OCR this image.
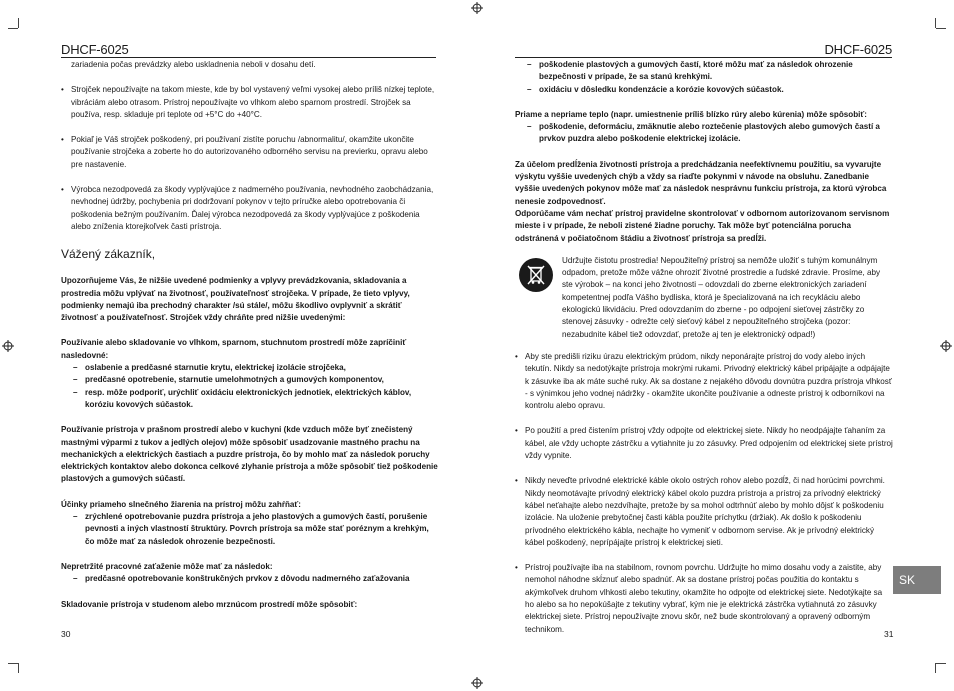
DHCF-6025
30

zariadenia počas prevádzky alebo uskladnenia neboli v dosahu detí.

• Strojček nepoužívajte na takom mieste, kde by bol vystavený veľmi vysokej alebo príliš nízkej teplote, vibráciám alebo otrasom. Prístroj nepoužívajte vo vlhkom alebo sparnom prostredí. Strojček sa používa, resp. skladuje pri teplote od +5°C do +40°C.

• Pokiaľ je Váš strojček poškodený, pri používaní zistíte poruchu /abnormalitu/, okamžite ukončite používanie strojčeka a zoberte ho do autorizovaného odborného servisu na previerku, opravu alebo pre nastavenie.

• Výrobca nezodpovedá za škody vyplývajúce z nadmerného používania, nevhodného zaobchádzania, nevhodnej údržby, pochybenia pri dodržovaní pokynov v tejto príručke alebo opotrebovania či poškodenia bežným používaním. Ďalej výrobca nezodpovedá za škody vyplývajúce z poškodenia alebo zníženia ktorejkoľvek časti prístroja.

Vážený zákazník,

Upozorňujeme Vás, že nižšie uvedené podmienky a vplyvy prevádzkovania, skladovania a prostredia môžu vplývať na životnosť, používateľnosť strojčeka. V prípade, že tieto vplyvy, podmienky nemajú iba prechodný charakter /sú stále/, môžu škodlivo ovplyvniť a skrátiť životnosť a používateľnosť. Strojček vždy chráňte pred nižšie uvedenými:

Používanie alebo skladovanie vo vlhkom, sparnom, stuchnutom prostredí môže zapríčiniť nasledovné:

– oslabenie a predčasné starnutie krytu, elektrickej izolácie strojčeka,

– predčasné opotrebenie, starnutie umelohmotných a gumových komponentov,

– resp. môže podporiť, urýchliť oxidáciu elektronických jednotiek, elektrických káblov, koróziu kovových súčastok.

Používanie prístroja v prašnom prostredí alebo v kuchyni (kde vzduch môže byť znečistený mastnými výparmi z tukov a jedlých olejov) môže spôsobiť usadzovanie mastného prachu na mechanických a elektrických častiach a puzdre prístroja, čo by mohlo mať za následok poruchy elektrických kontaktov alebo dokonca celkové zlyhanie prístroja a môže spôsobiť tiež poškodenie plastových a gumových súčastí.

Účinky priameho slnečného žiarenia na prístroj môžu zahŕňať:

– zrýchlené opotrebovanie puzdra prístroja a jeho plastových a gumových častí, porušenie pevnosti a iných vlastností štruktúry. Povrch prístroja sa môže stať poréznym a krehkým, čo môže mať za následok ohrozenie bezpečnosti.

Nepretržité pracovné zaťaženie môže mať za následok:

– predčasné opotrebovanie konštrukčných prvkov z dôvodu nadmerného zaťažovania

Skladovanie prístroja v studenom alebo mrznúcom prostredí môže spôsobiť:

DHCF-6025
31

– poškodenie plastových a gumových častí, ktoré môžu mať za následok ohrozenie bezpečnosti v prípade, že sa stanú krehkými.

– oxidáciu v dôsledku kondenzácie a korózie kovových súčastok.

Priame a nepriame teplo (napr. umiestnenie príliš blízko rúry alebo kúrenia) môže spôsobiť:

– poškodenie, deformáciu, zmäknutie alebo roztečenie plastových alebo gumových častí a prvkov puzdra alebo poškodenie elektrickej izolácie.

Za účelom predĺženia životnosti prístroja a predchádzania neefektívnemu použitiu, sa vyvarujte výskytu vyššie uvedených chýb a vždy sa riaďte pokynmi v návode na obsluhu. Zanedbanie vyššie uvedených pokynov môže mať za následok nesprávnu funkciu prístroja, za ktorú výrobca nenesie zodpovednosť.

Odporúčame vám nechať prístroj pravidelne skontrolovať v odbornom autorizovanom servisnom mieste i v prípade, že neboli zistené žiadne poruchy. Tak môže byť potenciálna porucha odstránená v počiatočnom štádiu a životnosť prístroja sa predĺži.

Udržujte čistotu prostredia! Nepoužiteľný prístroj sa nemôže uložiť s tuhým komunálnym odpadom, pretože môže vážne ohroziť životné prostredie a ľudské zdravie. Prosíme, aby ste výrobok – na konci jeho životnosti – odovzdali do zberne elektronických zariadení kompetentnej podľa Vášho bydliska, ktorá je špecializovaná na ich recykláciu alebo ekologickú likvidáciu. Pred odovzdaním do zberne - po odpojení sieťovej zástrčky zo stenovej zásuvky - odrežte celý sieťový kábel z nepoužiteľného strojčeka (pozor: nezabudnite kábel tiež odovzdať, pretože aj ten je elektronický odpad!)

• Aby ste predišli riziku úrazu elektrickým prúdom, nikdy neponárajte prístroj do vody alebo iných tekutín. Nikdy sa nedotýkajte prístroja mokrými rukami. Privodný elektrický kábel pripájajte a odpájajte k zásuvke iba ak máte suché ruky. Ak sa dostane z nejakého dôvodu dovnútra puzdra prístroja vlhkosť - s výnimkou jeho vodnej nádržky - okamžite ukončite používanie a odneste prístroj k odborníkovi na kontrolu alebo opravu.

• Po použití a pred čistením prístroj vždy odpojte od elektrickej siete. Nikdy ho neodpájajte ťahaním za kábel, ale vždy uchopte zástrčku a vytiahnite ju zo zásuvky. Pred odpojením od elektrickej siete prístroj vždy vypnite.

• Nikdy neveďte prívodné elektrické káble okolo ostrých rohov alebo pozdĺž, či nad horúcimi povrchmi. Nikdy neomotávajte prívodný elektrický kábel okolo puzdra prístroja a prístroj za prívodný elektrický kábel neťahajte alebo nezdvíhajte, pretože by sa mohol odtrhnúť alebo by mohlo dôjsť k poškodeniu izolácie. Na uloženie prebytočnej časti kábla použite príchytku (držiak). Ak došlo k poškodeniu prívodného elektrického kábla, nechajte ho vymeniť v odbornom servise. Ak je prívodný elektrický kábel poškodený, neprípájajte prístroj k elektrickej sieti.

• Prístroj používajte iba na stabilnom, rovnom povrchu. Udržujte ho mimo dosahu vody a zaistite, aby nemohol náhodne skĺznuť alebo spadnúť. Ak sa dostane prístroj počas použitia do kontaktu s akýmkoľvek druhom vlhkosti alebo tekutiny, okamžite ho odpojte od elektrickej siete. Nedotýkajte sa ho alebo sa ho nepokúšajte z tekutiny vybrať, kým nie je elektrická zástrčka vytiahnutá zo zásuvky elektrickej siete. Prístroj nepoužívajte znovu skôr, než bude skontrolovaný a opravený odborným technikom.

SK
